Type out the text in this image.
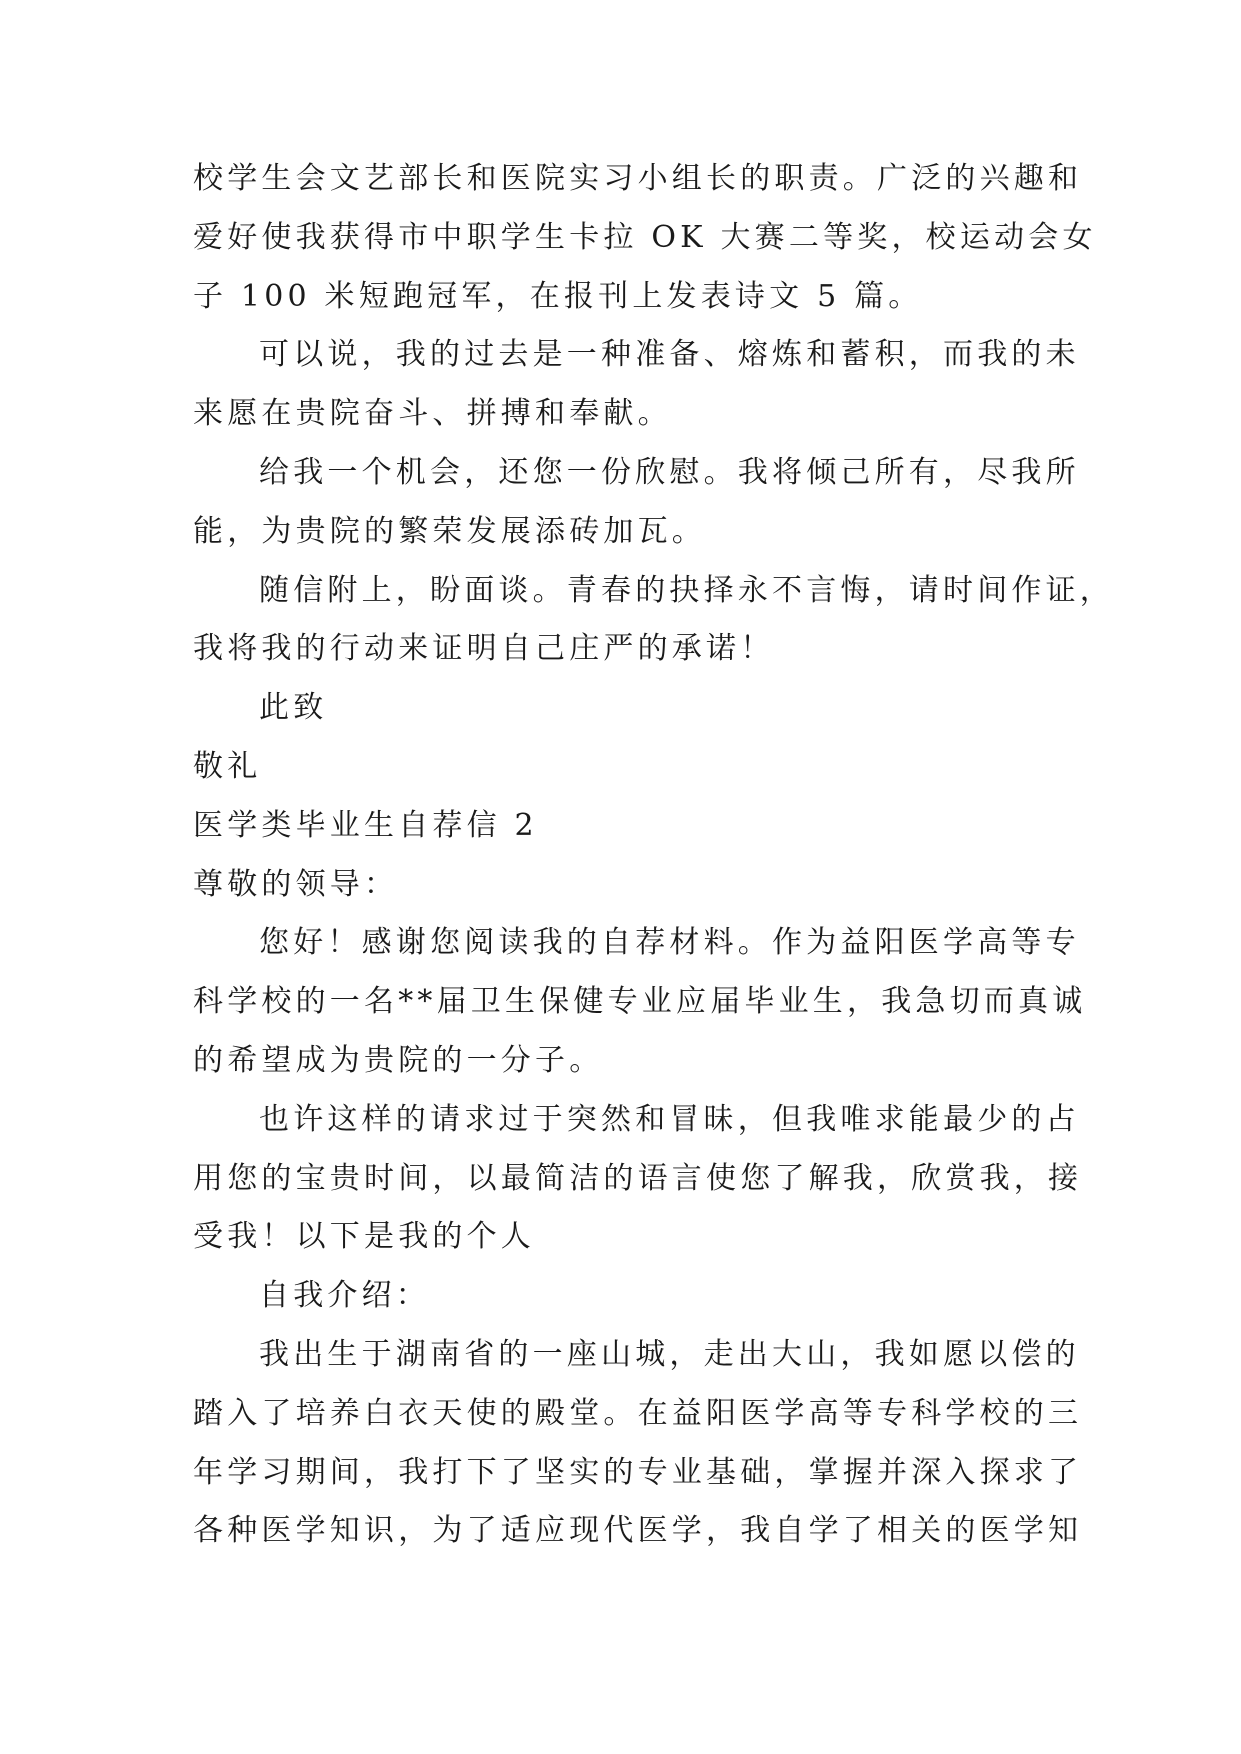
校学生会文艺部长和医院实习小组长的职责。广泛的兴趣和
爱好使我获得市中职学生卡拉 OK 大赛二等奖，校运动会女
子 100 米短跑冠军，在报刊上发表诗文 5 篇。
可以说，我的过去是一种准备、熔炼和蓄积，而我的未
来愿在贵院奋斗、拼搏和奉献。
给我一个机会，还您一份欣慰。我将倾己所有，尽我所
能，为贵院的繁荣发展添砖加瓦。
随信附上，盼面谈。青春的抉择永不言悔，请时间作证，
我将我的行动来证明自己庄严的承诺！
此致
敬礼
医学类毕业生自荐信 2
尊敬的领导：
您好！感谢您阅读我的自荐材料。作为益阳医学高等专
科学校的一名**届卫生保健专业应届毕业生，我急切而真诚
的希望成为贵院的一分子。
也许这样的请求过于突然和冒昧，但我唯求能最少的占
用您的宝贵时间，以最简洁的语言使您了解我，欣赏我，接
受我！以下是我的个人
自我介绍：
我出生于湖南省的一座山城，走出大山，我如愿以偿的
踏入了培养白衣天使的殿堂。在益阳医学高等专科学校的三
年学习期间，我打下了坚实的专业基础，掌握并深入探求了
各种医学知识，为了适应现代医学，我自学了相关的医学知
